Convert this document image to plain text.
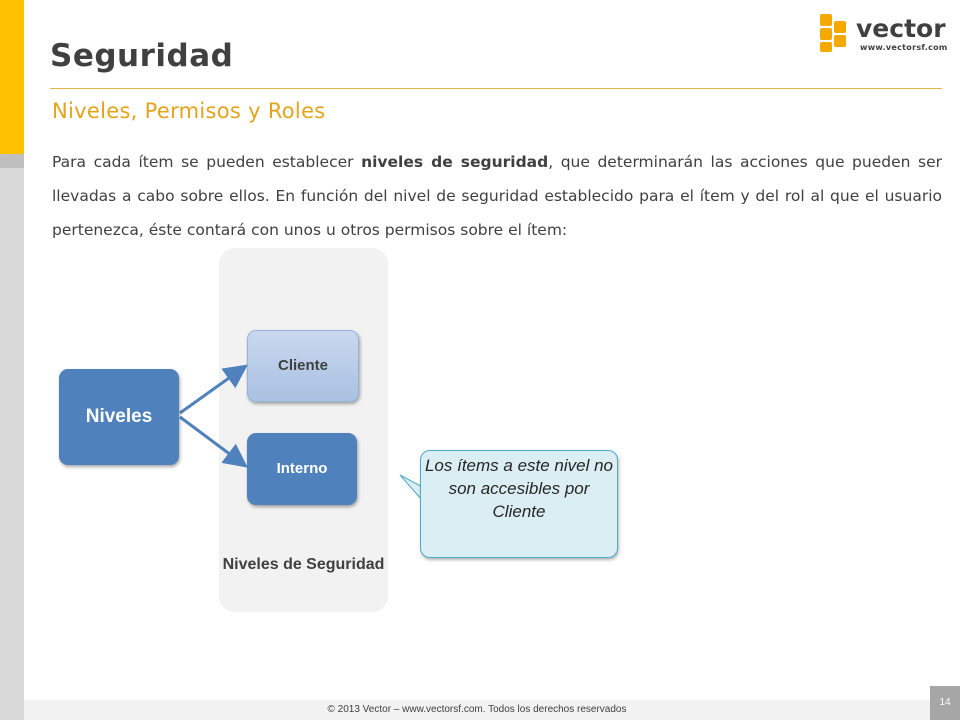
Seguridad
vector
www.vectorsf.com
Niveles, Permisos y Roles
Para cada ítem se pueden establecer niveles de seguridad, que determinarán las acciones que pueden ser llevadas a cabo sobre ellos. En función del nivel de seguridad establecido para el ítem y del rol al que el usuario pertenezca, éste contará con unos u otros permisos sobre el ítem:
Niveles
Cliente
Interno
Niveles de Seguridad
Los ítems a este nivel no son accesibles por Cliente
© 2013 Vector – www.vectorsf.com. Todos los derechos reservados
14
